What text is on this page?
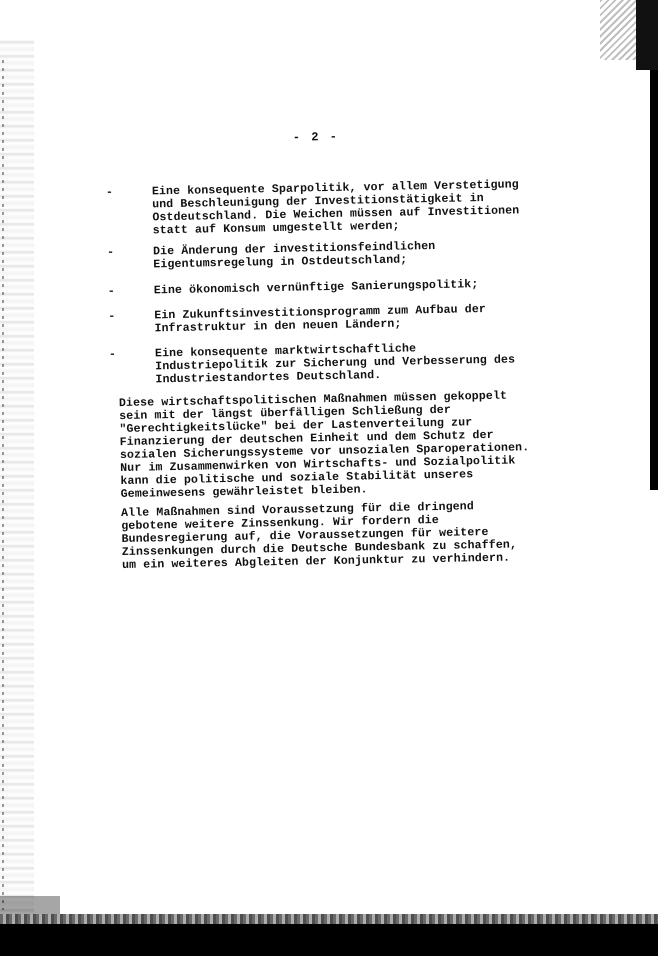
- 2 -
-	Eine konsequente Sparpolitik, vor allem Verstetigung
und Beschleunigung der Investitionstätigkeit in
Ostdeutschland. Die Weichen müssen auf Investitionen
statt auf Konsum umgestellt werden;
-	Die Änderung der investitionsfeindlichen
Eigentumsregelung in Ostdeutschland;
-	Eine ökonomisch vernünftige Sanierungspolitik;
-	Ein Zukunftsinvestitionsprogramm zum Aufbau der
Infrastruktur in den neuen Ländern;
-	Eine konsequente marktwirtschaftliche
Industriepolitik zur Sicherung und Verbesserung des
Industriestandortes Deutschland.
Diese wirtschaftspolitischen Maßnahmen müssen gekoppelt
sein mit der längst überfälligen Schließung der
"Gerechtigkeitslücke" bei der Lastenverteilung zur
Finanzierung der deutschen Einheit und dem Schutz der
sozialen Sicherungssysteme vor unsozialen Sparoperationen.
Nur im Zusammenwirken von Wirtschafts- und Sozialpolitik
kann die politische und soziale Stabilität unseres
Gemeinwesens gewährleistet bleiben.
Alle Maßnahmen sind Voraussetzung für die dringend
gebotene weitere Zinssenkung. Wir fordern die
Bundesregierung auf, die Voraussetzungen für weitere
Zinssenkungen durch die Deutsche Bundesbank zu schaffen,
um ein weiteres Abgleiten der Konjunktur zu verhindern.
